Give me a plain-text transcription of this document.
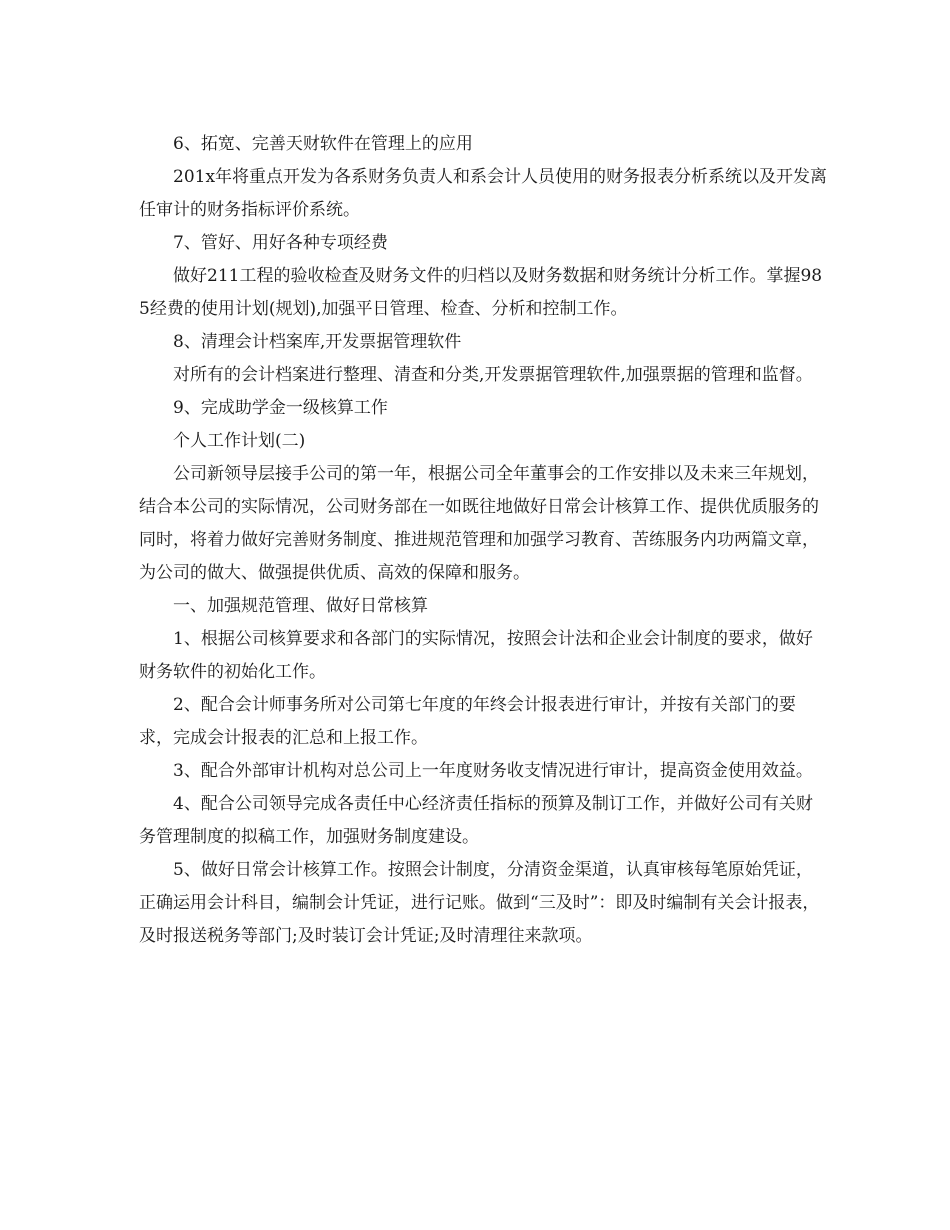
6、拓宽、完善天财软件在管理上的应用

201x年将重点开发为各系财务负责人和系会计人员使用的财务报表分析系统以及开发离任审计的财务指标评价系统。

7、管好、用好各种专项经费

做好211工程的验收检查及财务文件的归档以及财务数据和财务统计分析工作。掌握985经费的使用计划(规划),加强平日管理、检查、分析和控制工作。

8、清理会计档案库,开发票据管理软件

对所有的会计档案进行整理、清查和分类,开发票据管理软件,加强票据的管理和监督。

9、完成助学金一级核算工作

个人工作计划(二)

公司新领导层接手公司的第一年，根据公司全年董事会的工作安排以及未来三年规划，结合本公司的实际情况，公司财务部在一如既往地做好日常会计核算工作、提供优质服务的同时，将着力做好完善财务制度、推进规范管理和加强学习教育、苦练服务内功两篇文章，为公司的做大、做强提供优质、高效的保障和服务。

一、加强规范管理、做好日常核算

1、根据公司核算要求和各部门的实际情况，按照会计法和企业会计制度的要求，做好财务软件的初始化工作。

2、配合会计师事务所对公司第七年度的年终会计报表进行审计，并按有关部门的要求，完成会计报表的汇总和上报工作。

3、配合外部审计机构对总公司上一年度财务收支情况进行审计，提高资金使用效益。

4、配合公司领导完成各责任中心经济责任指标的预算及制订工作，并做好公司有关财务管理制度的拟稿工作，加强财务制度建设。

5、做好日常会计核算工作。按照会计制度，分清资金渠道，认真审核每笔原始凭证，正确运用会计科目，编制会计凭证，进行记账。做到“三及时”：即及时编制有关会计报表，及时报送税务等部门;及时装订会计凭证;及时清理往来款项。
